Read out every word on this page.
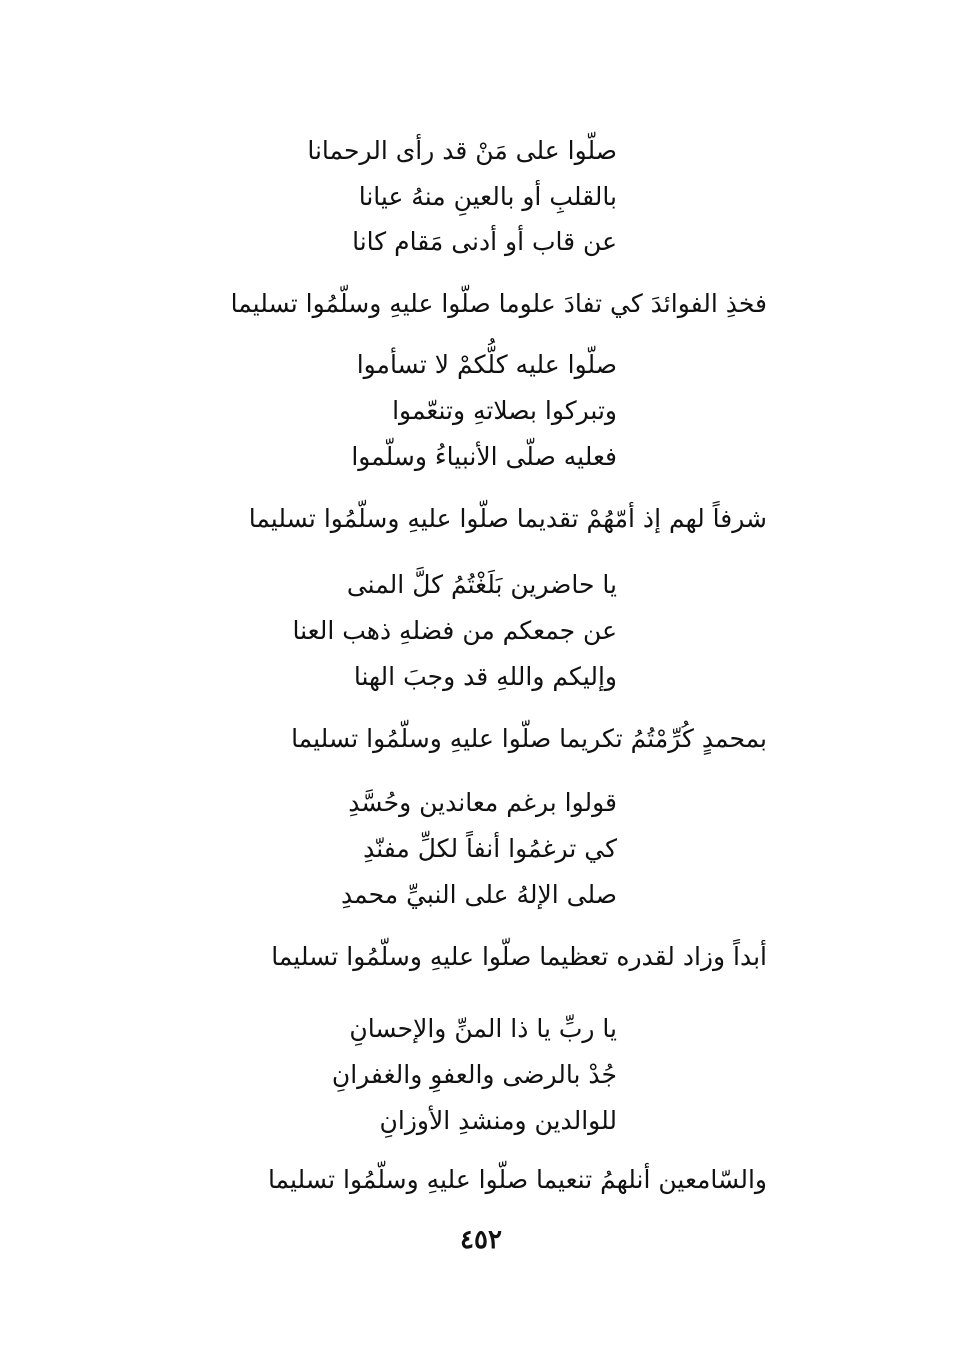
صلّوا على مَنْ قد رأى الرحمانا
بالقلبِ أو بالعينِ منهُ عيانا
عن قاب أو أدنى مَقام كانا
فخذِ الفوائدَ كي تفادَ علوما صلّوا عليهِ وسلّمُوا تسليما
صلّوا عليه كلُّكمْ لا تسأموا
وتبركوا بصلاتهِ وتنعّموا
فعليه صلّى الأنبياءُ وسلّموا
شرفاً لهم إذ أمّهُمْ تقديما صلّوا عليهِ وسلّمُوا تسليما
يا حاضرين بَلَغْتُمُ كلَّ المنى
عن جمعكم من فضلهِ ذهب العنا
وإليكم واللهِ قد وجبَ الهنا
بمحمدٍ كُرِّمْتُمُ تكريما صلّوا عليهِ وسلّمُوا تسليما
قولوا برغم معاندين وحُسَّدِ
كي ترغمُوا أنفاً لكلِّ مفنّدِ
صلى الإلهُ على النبيِّ محمدِ
أبداً وزاد لقدره تعظيما صلّوا عليهِ وسلّمُوا تسليما
يا ربِّ يا ذا المنِّ والإحسانِ
جُدْ بالرضى والعفوِ والغفرانِ
للوالدين ومنشدِ الأوزانِ
والسّامعين أنلهمُ تنعيما صلّوا عليهِ وسلّمُوا تسليما
٤٥٢
